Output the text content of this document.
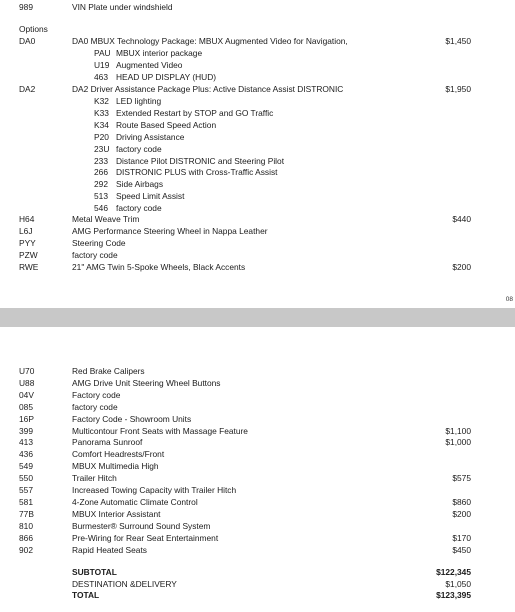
989	VIN Plate under windshield
Options
DA0	DA0 MBUX Technology Package: MBUX Augmented Video for Navigation,	$1,450
PAU MBUX interior package
U19 Augmented Video
463 HEAD UP DISPLAY (HUD)
DA2	DA2 Driver Assistance Package Plus: Active Distance Assist DISTRONIC	$1,950
K32 LED lighting
K33 Extended Restart by STOP and GO Traffic
K34 Route Based Speed Action
P20 Driving Assistance
23U factory code
233 Distance Pilot DISTRONIC and Steering Pilot
266 DISTRONIC PLUS with Cross-Traffic Assist
292 Side Airbags
513 Speed Limit Assist
546 factory code
H64	Metal Weave Trim	$440
L6J	AMG Performance Steering Wheel in Nappa Leather
PYY	Steering Code
PZW	factory code
RWE	21" AMG Twin 5-Spoke Wheels, Black Accents	$200
08
U70	Red Brake Calipers
U88	AMG Drive Unit Steering Wheel Buttons
04V	Factory code
085	factory code
16P	Factory Code - Showroom Units
399	Multicontour Front Seats with Massage Feature	$1,100
413	Panorama Sunroof	$1,000
436	Comfort Headrests/Front
549	MBUX Multimedia High
550	Trailer Hitch	$575
557	Increased Towing Capacity with Trailer Hitch
581	4-Zone Automatic Climate Control	$860
77B	MBUX Interior Assistant	$200
810	Burmester® Surround Sound System
866	Pre-Wiring for Rear Seat Entertainment	$170
902	Rapid Heated Seats	$450
SUBTOTAL	$122,345
DESTINATION &DELIVERY	$1,050
TOTAL	$123,395
